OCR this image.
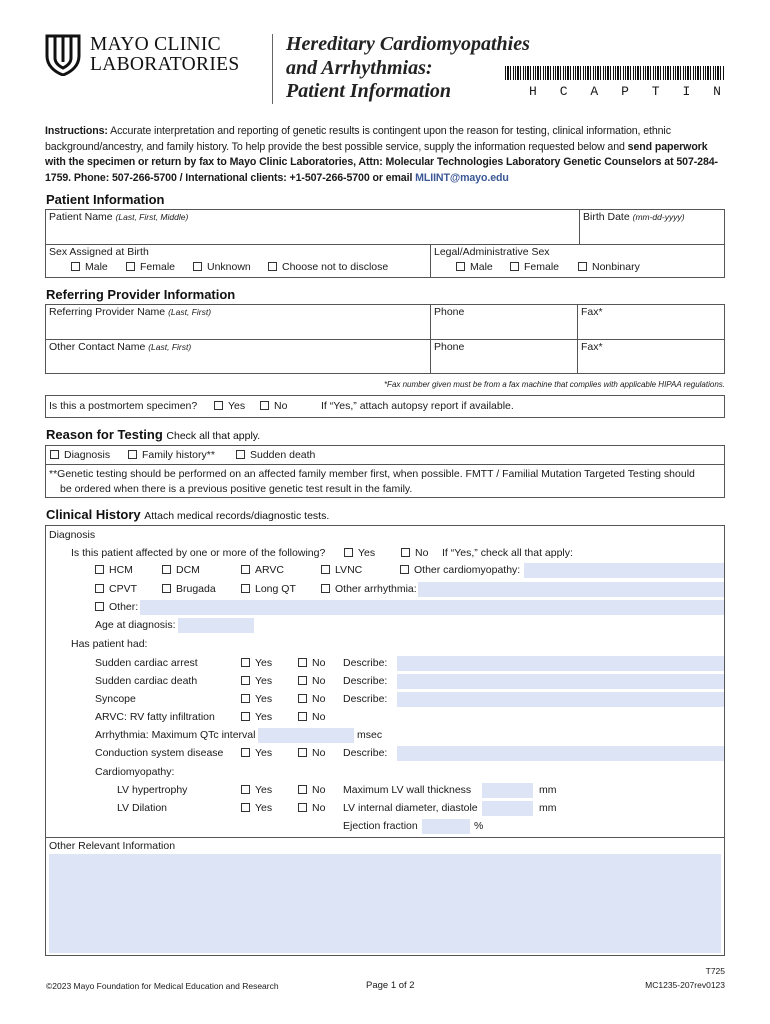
MAYO CLINIC
LABORATORIES
Hereditary Cardiomyopathies
and Arrhythmias:
Patient Information	H C A P T I N
Instructions: Accurate interpretation and reporting of genetic results is contingent upon the reason for testing, clinical information, ethnic background/ancestry, and family history. To help provide the best possible service, supply the information requested below and send paperwork with the specimen or return by fax to Mayo Clinic Laboratories, Attn: Molecular Technologies Laboratory Genetic Counselors at 507-284-1759. Phone: 507-266-5700 / International clients: +1-507-266-5700 or email MLIINT@mayo.edu
Patient Information
Patient Name (Last, First, Middle)	Birth Date (mm-dd-yyyy)
Sex Assigned at Birth
Male	Female	Unknown	Choose not to disclose
Legal/Administrative Sex
Male	Female	Nonbinary
Referring Provider Information
Referring Provider Name (Last, First)	Phone	Fax*
Other Contact Name (Last, First)	Phone	Fax*
*Fax number given must be from a fax machine that complies with applicable HIPAA regulations.
Is this a postmortem specimen?	Yes	No	If “Yes,” attach autopsy report if available.
Reason for Testing Check all that apply.
Diagnosis	Family history**	Sudden death
**Genetic testing should be performed on an affected family member first, when possible. FMTT / Familial Mutation Targeted Testing should
be ordered when there is a previous positive genetic test result in the family.
Clinical History Attach medical records/diagnostic tests.
Diagnosis
Is this patient affected by one or more of the following?	Yes	No If “Yes,” check all that apply:
HCM	DCM	ARVC	LVNC	Other cardiomyopathy:
CPVT	Brugada	Long QT	Other arrhythmia:
Other:
Age at diagnosis:
Has patient had:
Sudden cardiac arrest	Yes	No Describe:
Sudden cardiac death	Yes	No Describe:
Syncope	Yes	No Describe:
ARVC: RV fatty infiltration	Yes	No
Arrhythmia: Maximum QTc interval	msec
Conduction system disease	Yes	No Describe:
Cardiomyopathy:
LV hypertrophy	Yes	No Maximum LV wall thickness	mm
LV Dilation	Yes	No LV internal diameter, diastole	mm
Ejection fraction	%
Other Relevant Information
©2023 Mayo Foundation for Medical Education and Research	Page 1 of 2
T725
MC1235-207rev0123
